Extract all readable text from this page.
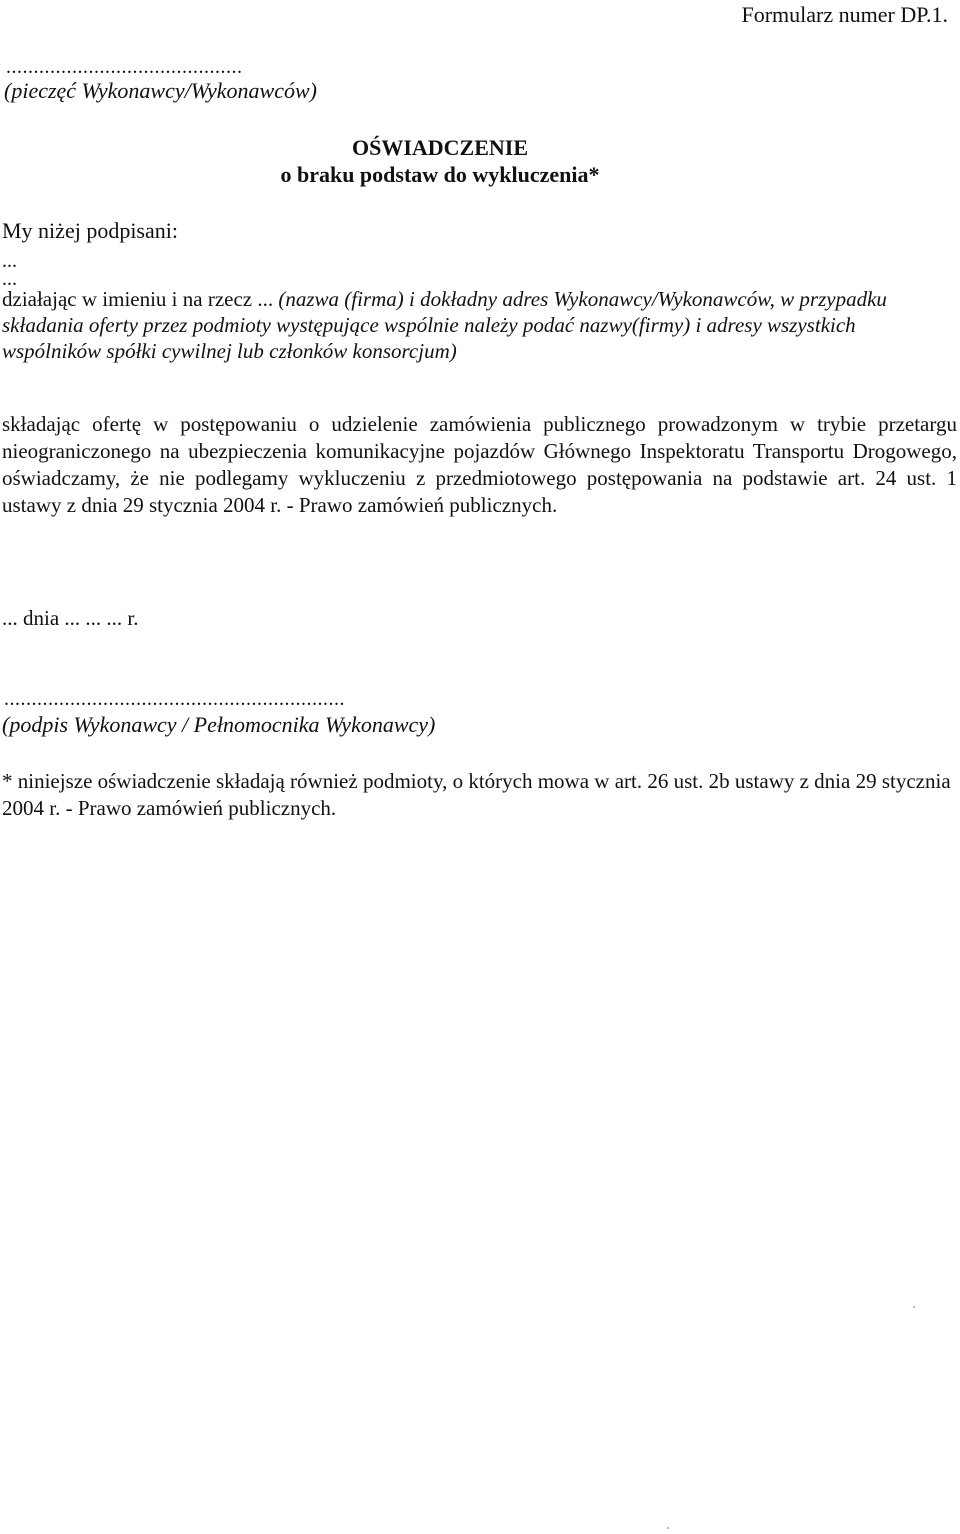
Formularz numer DP.1.
...........................................
(pieczęć Wykonawcy/Wykonawców)
OŚWIADCZENIE
o braku podstaw do wykluczenia*
My niżej podpisani:
...
...
działając w imieniu i na rzecz ... (nazwa (firma) i dokładny adres Wykonawcy/Wykonawców, w przypadku składania oferty przez podmioty występujące wspólnie należy podać nazwy(firmy) i adresy wszystkich wspólników spółki cywilnej lub członków konsorcjum)
składając ofertę w postępowaniu o udzielenie zamówienia publicznego prowadzonym w trybie przetargu nieograniczonego na ubezpieczenia komunikacyjne pojazdów Głównego Inspektoratu Transportu Drogowego, oświadczamy, że nie podlegamy wykluczeniu z przedmiotowego postępowania na podstawie art. 24 ust. 1 ustawy z dnia 29 stycznia 2004 r. - Prawo zamówień publicznych.
... dnia ... ... ... r.
..............................................................
(podpis Wykonawcy / Pełnomocnika Wykonawcy)
* niniejsze oświadczenie składają również podmioty, o których mowa w art. 26 ust. 2b ustawy z dnia 29 stycznia 2004 r. - Prawo zamówień publicznych.
